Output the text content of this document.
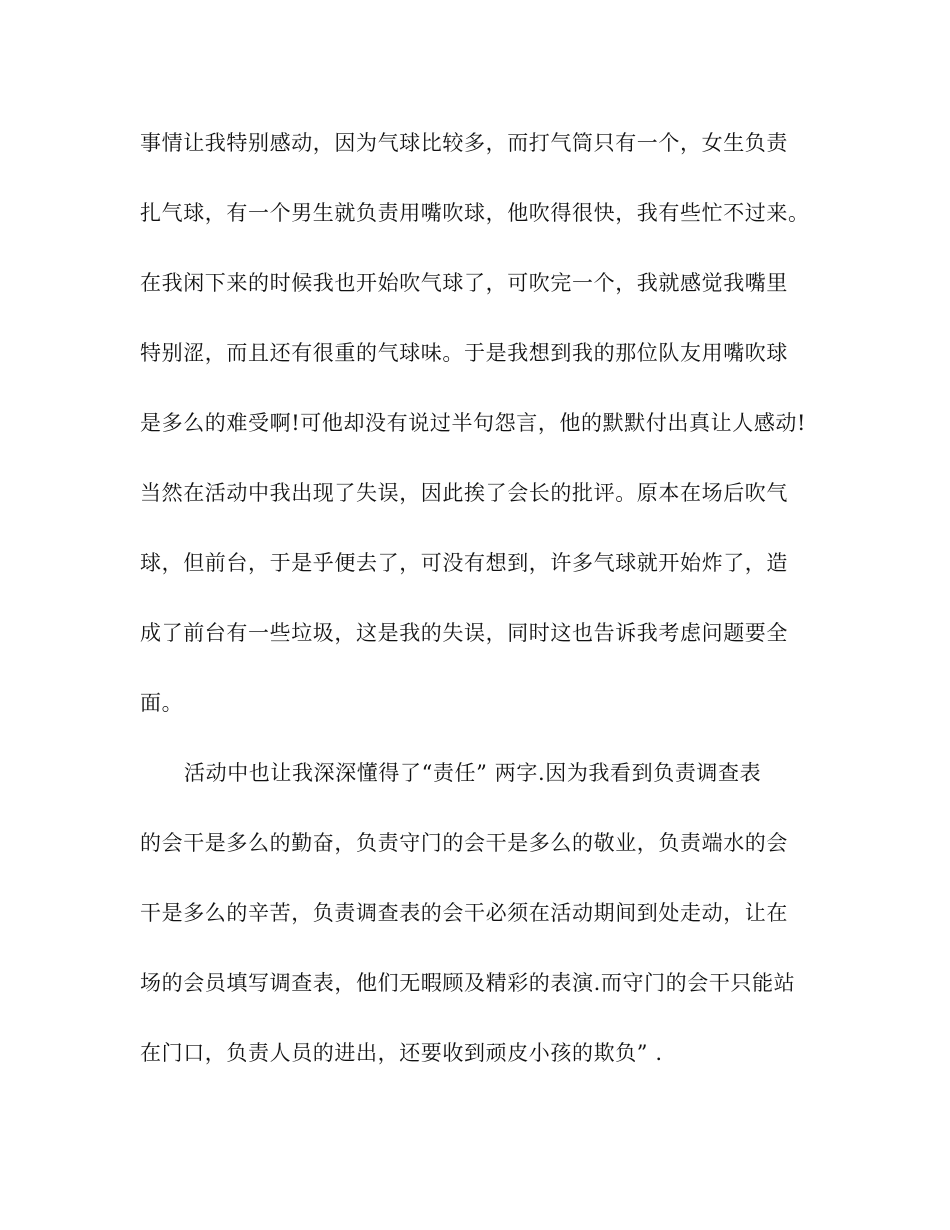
事情让我特别感动，因为气球比较多，而打气筒只有一个，女生负责
扎气球，有一个男生就负责用嘴吹球，他吹得很快，我有些忙不过来。
在我闲下来的时候我也开始吹气球了，可吹完一个，我就感觉我嘴里
特别涩，而且还有很重的气球味。于是我想到我的那位队友用嘴吹球
是多么的难受啊!可他却没有说过半句怨言，他的默默付出真让人感动!
当然在活动中我出现了失误，因此挨了会长的批评。原本在场后吹气
球，但前台，于是乎便去了，可没有想到，许多气球就开始炸了，造
成了前台有一些垃圾，这是我的失误，同时这也告诉我考虑问题要全
面。
活动中也让我深深懂得了“责任” 两字.因为我看到负责调查表
的会干是多么的勤奋，负责守门的会干是多么的敬业，负责端水的会
干是多么的辛苦，负责调查表的会干必须在活动期间到处走动，让在
场的会员填写调查表，他们无暇顾及精彩的表演.而守门的会干只能站
在门口，负责人员的进出，还要收到顽皮小孩的欺负” .
